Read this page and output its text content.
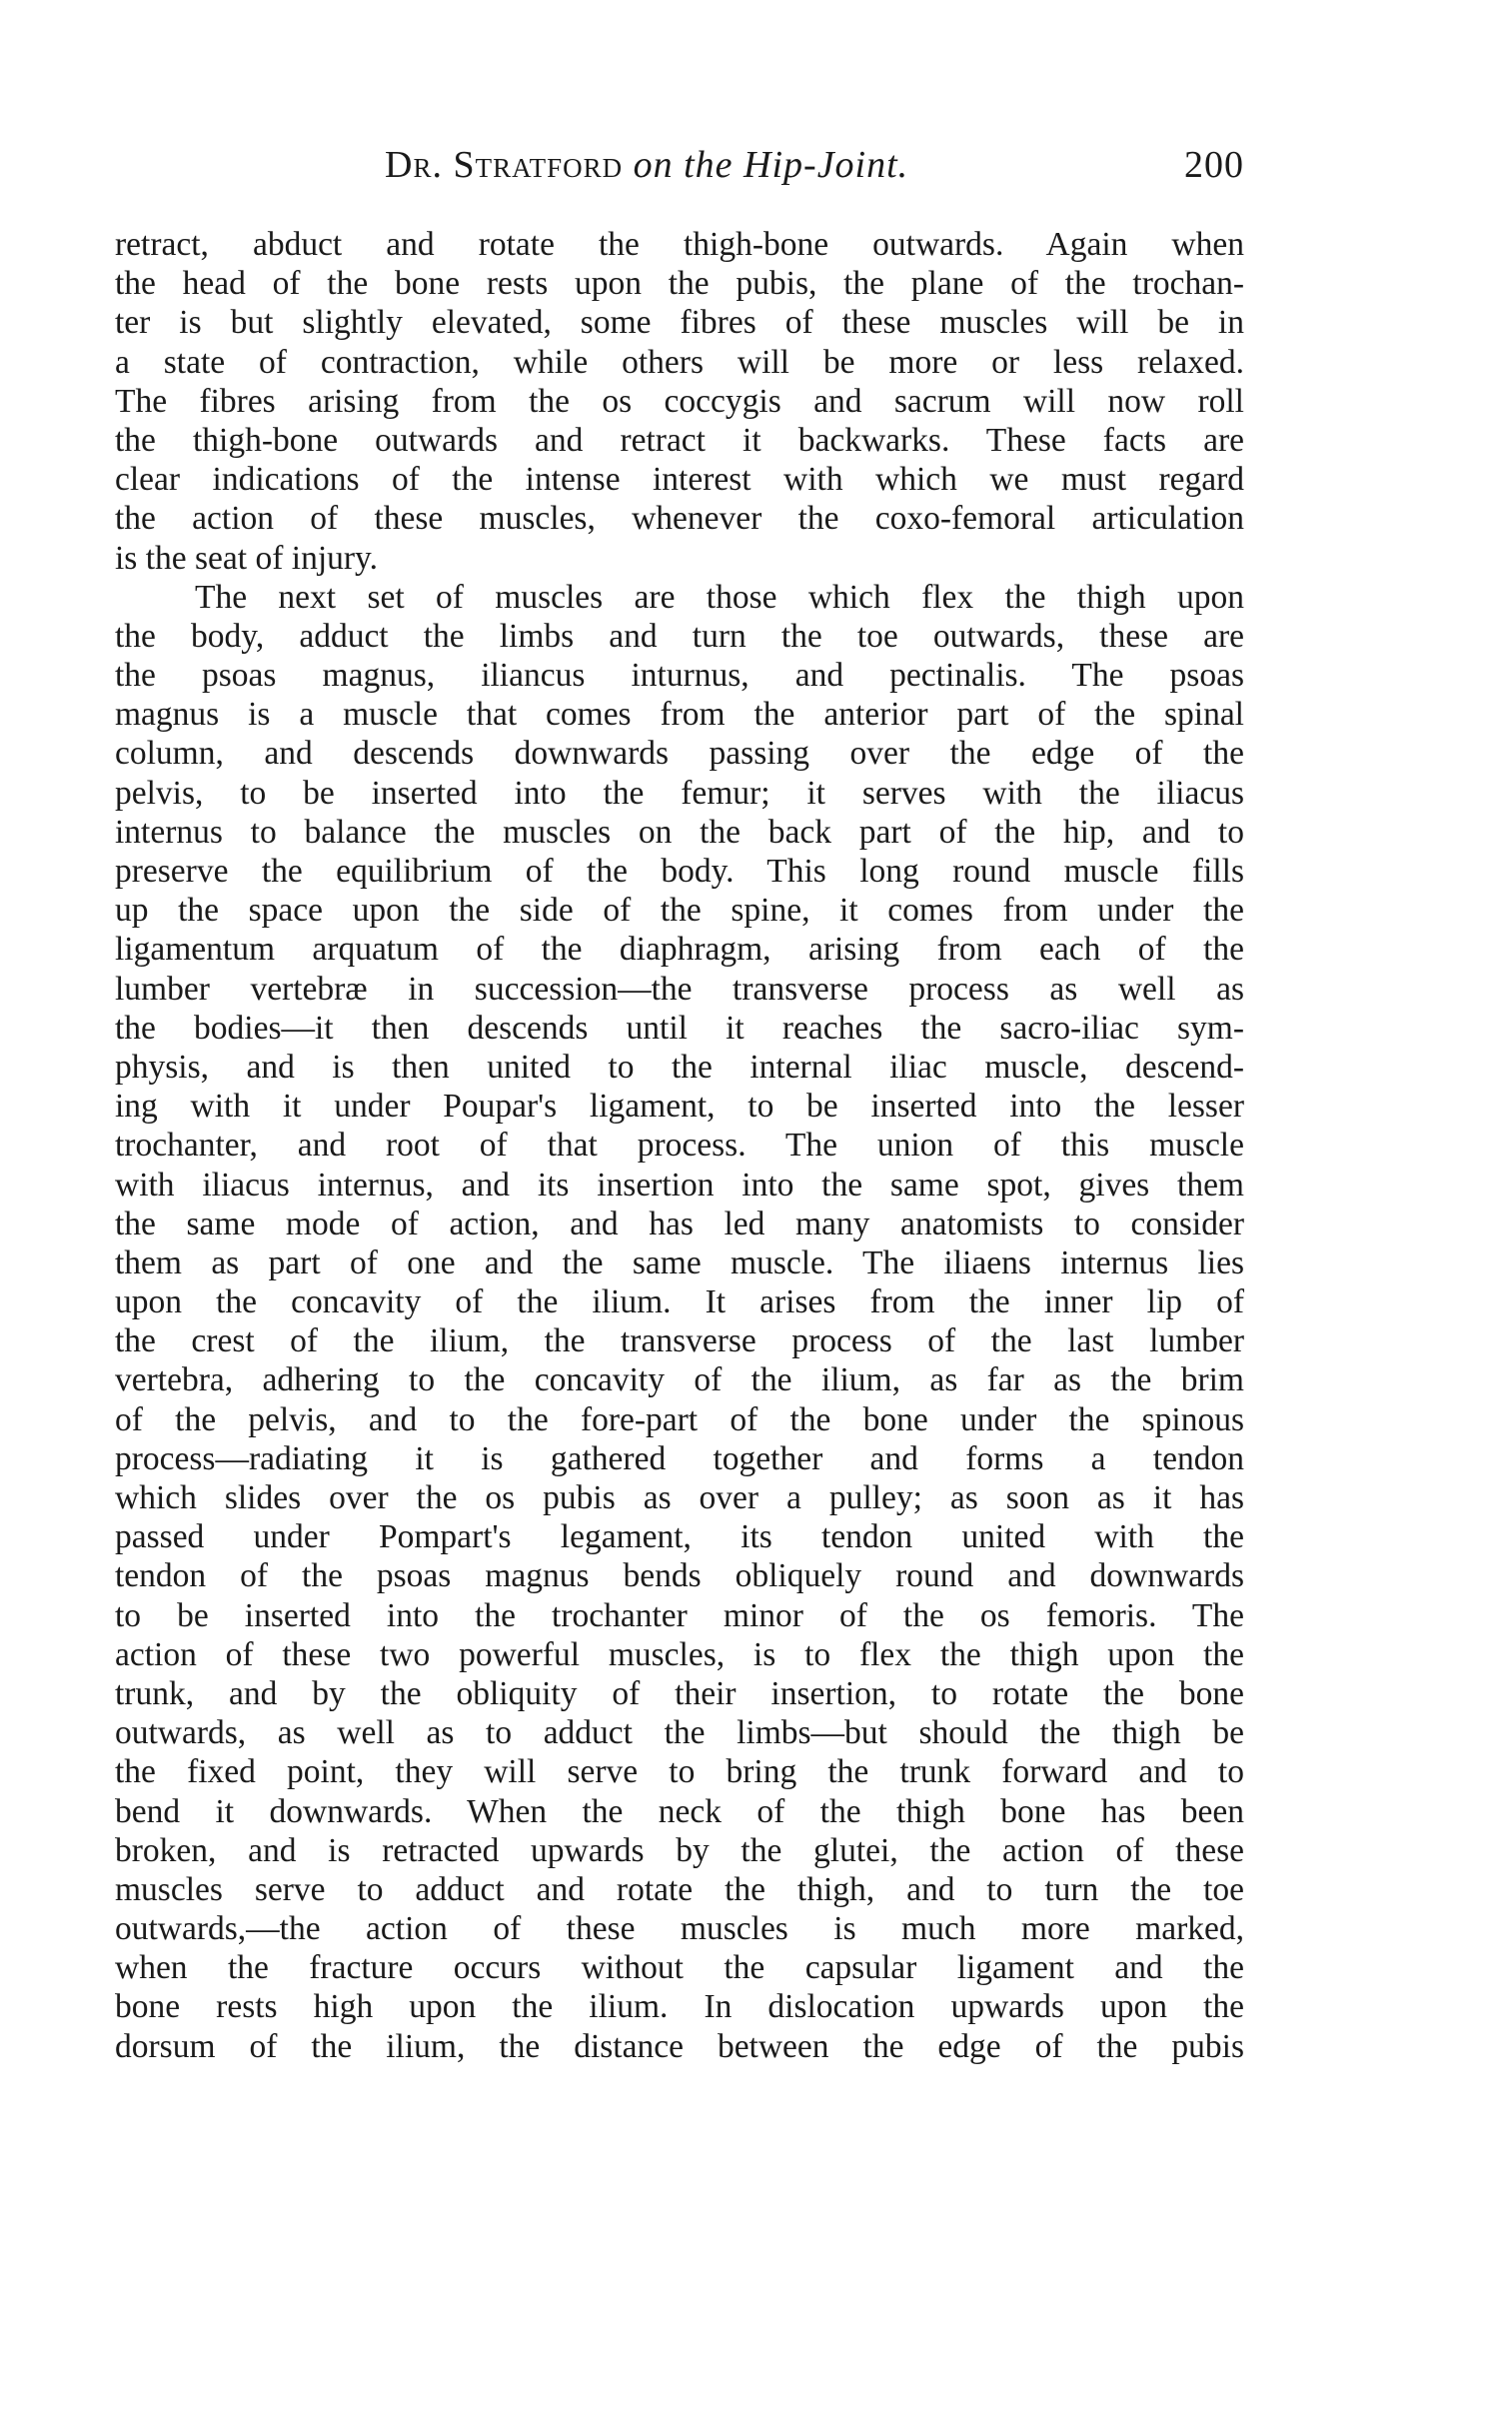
Dr. Stratford on the Hip-Joint.	200
retract, abduct and rotate the thigh-bone outwards. Again when
the head of the bone rests upon the pubis, the plane of the trochan-
ter is but slightly elevated, some fibres of these muscles will be in
a state of contraction, while others will be more or less relaxed.
The fibres arising from the os coccygis and sacrum will now roll
the thigh-bone outwards and retract it backwarks. These facts are
clear indications of the intense interest with which we must regard
the action of these muscles, whenever the coxo-femoral articulation
is the seat of injury.
The next set of muscles are those which flex the thigh upon
the body, adduct the limbs and turn the toe outwards, these are
the psoas magnus, iliancus inturnus, and pectinalis. The psoas
magnus is a muscle that comes from the anterior part of the spinal
column, and descends downwards passing over the edge of the
pelvis, to be inserted into the femur; it serves with the iliacus
internus to balance the muscles on the back part of the hip, and to
preserve the equilibrium of the body. This long round muscle fills
up the space upon the side of the spine, it comes from under the
ligamentum arquatum of the diaphragm, arising from each of the
lumber vertebræ in succession—the transverse process as well as
the bodies—it then descends until it reaches the sacro-iliac sym-
physis, and is then united to the internal iliac muscle, descend-
ing with it under Poupar's ligament, to be inserted into the lesser
trochanter, and root of that process. The union of this muscle
with iliacus internus, and its insertion into the same spot, gives them
the same mode of action, and has led many anatomists to consider
them as part of one and the same muscle. The iliaens internus lies
upon the concavity of the ilium. It arises from the inner lip of
the crest of the ilium, the transverse process of the last lumber
vertebra, adhering to the concavity of the ilium, as far as the brim
of the pelvis, and to the fore-part of the bone under the spinous
process—radiating it is gathered together and forms a tendon
which slides over the os pubis as over a pulley; as soon as it has
passed under Pompart's legament, its tendon united with the
tendon of the psoas magnus bends obliquely round and downwards
to be inserted into the trochanter minor of the os femoris. The
action of these two powerful muscles, is to flex the thigh upon the
trunk, and by the obliquity of their insertion, to rotate the bone
outwards, as well as to adduct the limbs—but should the thigh be
the fixed point, they will serve to bring the trunk forward and to
bend it downwards. When the neck of the thigh bone has been
broken, and is retracted upwards by the glutei, the action of these
muscles serve to adduct and rotate the thigh, and to turn the toe
outwards,—the action of these muscles is much more marked,
when the fracture occurs without the capsular ligament and the
bone rests high upon the ilium. In dislocation upwards upon the
dorsum of the ilium, the distance between the edge of the pubis
